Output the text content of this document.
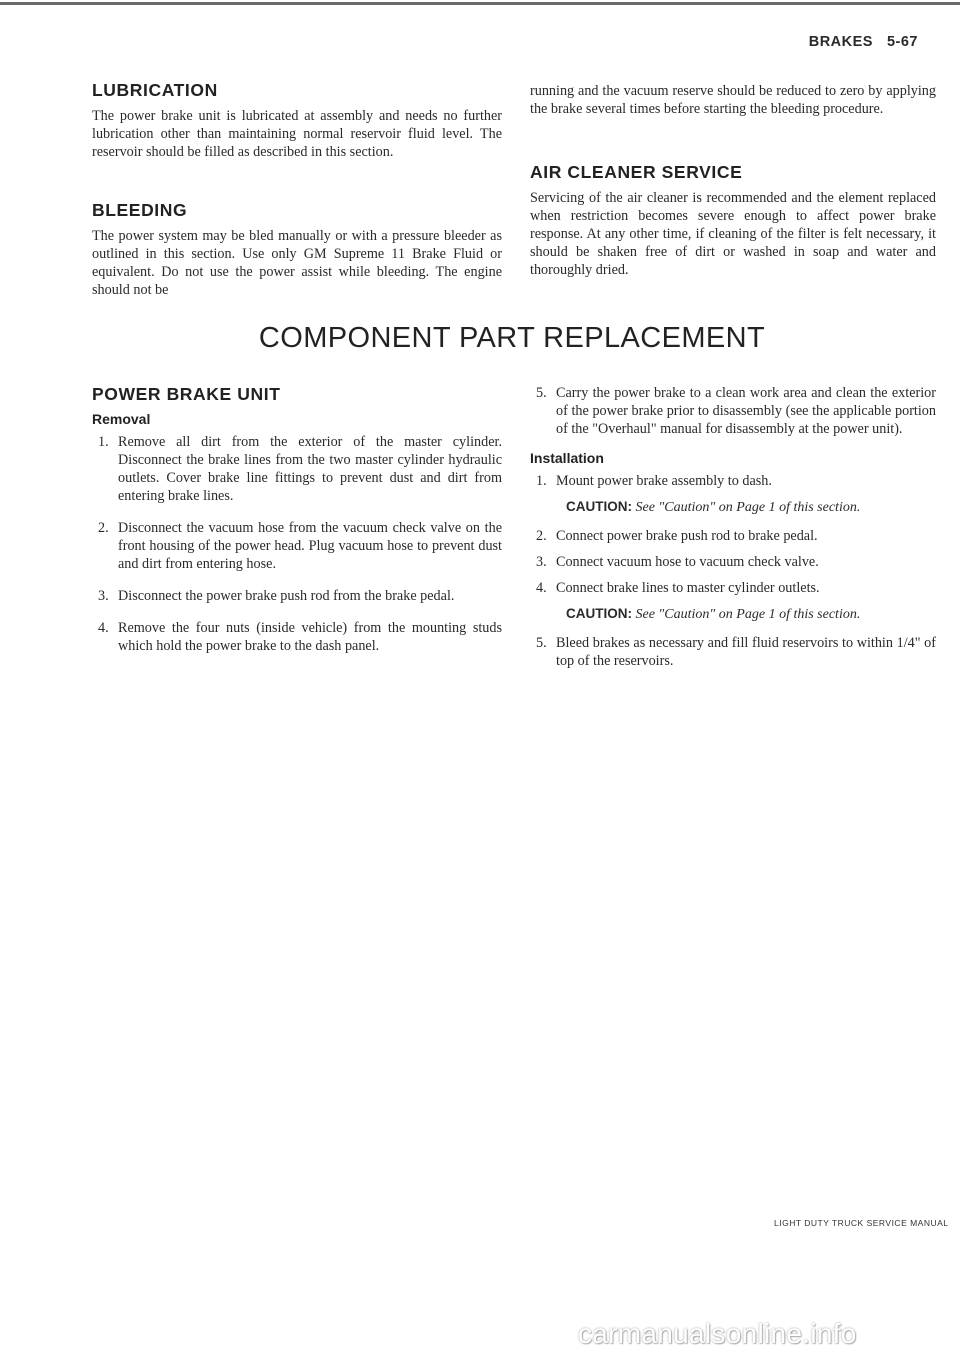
BRAKES 5-67
LUBRICATION

The power brake unit is lubricated at assembly and needs no further lubrication other than maintaining normal reservoir fluid level. The reservoir should be filled as described in this section.

BLEEDING

The power system may be bled manually or with a pressure bleeder as outlined in this section. Use only GM Supreme 11 Brake Fluid or equivalent. Do not use the power assist while bleeding. The engine should not be

running and the vacuum reserve should be reduced to zero by applying the brake several times before starting the bleeding procedure.

AIR CLEANER SERVICE

Servicing of the air cleaner is recommended and the element replaced when restriction becomes severe enough to affect power brake response. At any other time, if cleaning of the filter is felt necessary, it should be shaken free of dirt or washed in soap and water and thoroughly dried.

COMPONENT PART REPLACEMENT
POWER BRAKE UNIT
Removal
1. Remove all dirt from the exterior of the master cylinder. Disconnect the brake lines from the two master cylinder hydraulic outlets. Cover brake line fittings to prevent dust and dirt from entering brake lines.
2. Disconnect the vacuum hose from the vacuum check valve on the front housing of the power head. Plug vacuum hose to prevent dust and dirt from entering hose.
3. Disconnect the power brake push rod from the brake pedal.
4. Remove the four nuts (inside vehicle) from the mounting studs which hold the power brake to the dash panel.
5. Carry the power brake to a clean work area and clean the exterior of the power brake prior to disassembly (see the applicable portion of the "Overhaul" manual for disassembly at the power unit).
Installation
1. Mount power brake assembly to dash.
CAUTION: See "Caution" on Page 1 of this section.
2. Connect power brake push rod to brake pedal.
3. Connect vacuum hose to vacuum check valve.
4. Connect brake lines to master cylinder outlets.
CAUTION: See "Caution" on Page 1 of this section.
5. Bleed brakes as necessary and fill fluid reservoirs to within 1/4" of top of the reservoirs.
LIGHT DUTY TRUCK SERVICE MANUAL
carmanualsonline.info
